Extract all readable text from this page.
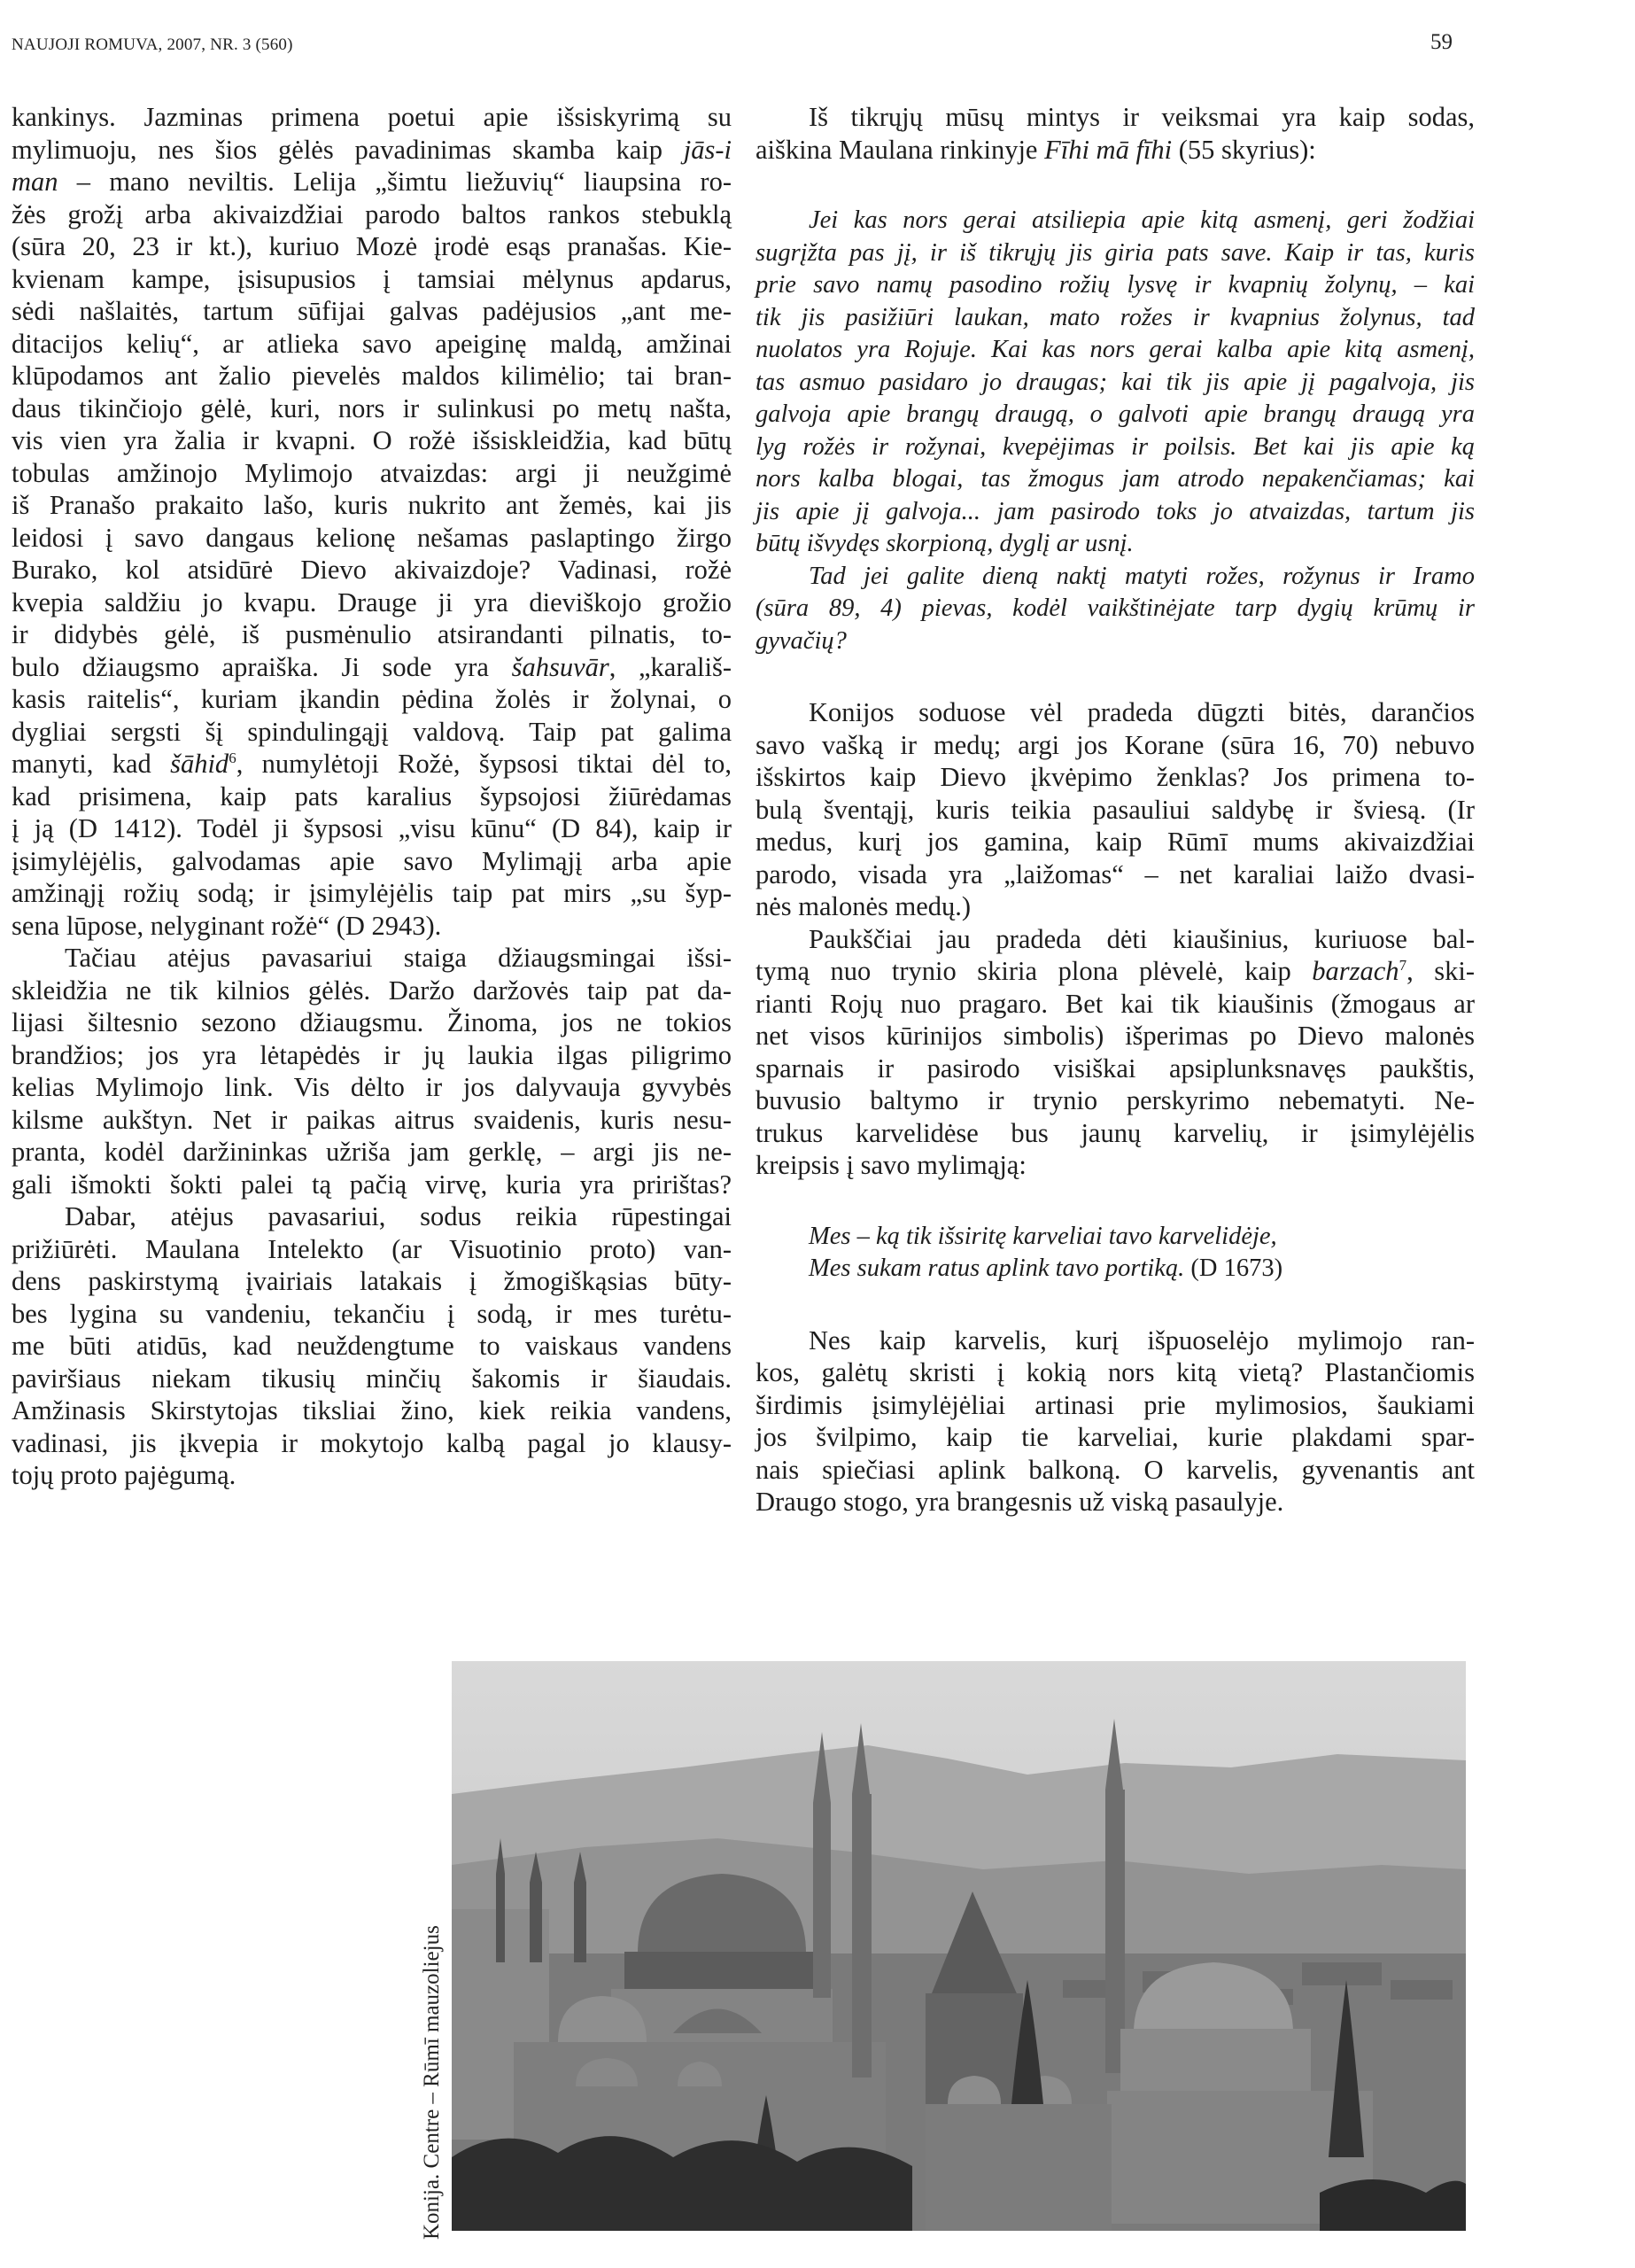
NAUJOJI ROMUVA, 2007, NR. 3 (560)	59
kankinys. Jazminas primena poetui apie išsiskyrimą su
mylimuoju, nes šios gėlės pavadinimas skamba kaip jās-i
man – mano neviltis. Lelija „šimtu liežuvių“ liaupsina ro-
žės grožį arba akivaizdžiai parodo baltos rankos stebuklą
(sūra 20, 23 ir kt.), kuriuo Mozė įrodė esąs pranašas. Kie-
kvienam kampe, įsisupusios į tamsiai mėlynus apdarus,
sėdi našlaitės, tartum sūfijai galvas padėjusios „ant me-
ditacijos kelių“, ar atlieka savo apeiginę maldą, amžinai
klūpodamos ant žalio pievelės maldos kilimėlio; tai bran-
daus tikinčiojo gėlė, kuri, nors ir sulinkusi po metų našta,
vis vien yra žalia ir kvapni. O rožė išsiskleidžia, kad būtų
tobulas amžinojo Mylimojo atvaizdas: argi ji neužgimė
iš Pranašo prakaito lašo, kuris nukrito ant žemės, kai jis
leidosi į savo dangaus kelionę nešamas paslaptingo žirgo
Burako, kol atsidūrė Dievo akivaizdoje? Vadinasi, rožė
kvepia saldžiu jo kvapu. Drauge ji yra dieviškojo grožio
ir didybės gėlė, iš pusmėnulio atsirandanti pilnatis, to-
bulo džiaugsmo apraiška. Ji sode yra šahsuvār, „karališ-
kasis raitelis“, kuriam įkandin pėdina žolės ir žolynai, o
dygliai sergsti šį spindulingąjį valdovą. Taip pat galima
manyti, kad šāhid$^6$, numylėtoji Rožė, šypsosi tiktai dėl to,
kad prisimena, kaip pats karalius šypsojosi žiūrėdamas
į ją (D 1412). Todėl ji šypsosi „visu kūnu“ (D 84), kaip ir
įsimylėjėlis, galvodamas apie savo Mylimąjį arba apie
amžinąjį rožių sodą; ir įsimylėjėlis taip pat mirs „su šyp-
sena lūpose, nelyginant rožė“ (D 2943).
Tačiau atėjus pavasariui staiga džiaugsmingai išsi-
skleidžia ne tik kilnios gėlės. Daržo daržovės taip pat da-
lijasi šiltesnio sezono džiaugsmu. Žinoma, jos ne tokios
brandžios; jos yra lėtapėdės ir jų laukia ilgas piligrimo
kelias Mylimojo link. Vis dėlto ir jos dalyvauja gyvybės
kilsme aukštyn. Net ir paikas aitrus svaidenis, kuris nesu-
pranta, kodėl daržininkas užriša jam gerklę, – argi jis ne-
gali išmokti šokti palei tą pačią virvę, kuria yra pririštas?
Dabar, atėjus pavasariui, sodus reikia rūpestingai
prižiūrėti. Maulana Intelekto (ar Visuotinio proto) van-
dens paskirstymą įvairiais latakais į žmogiškąsias būty-
bes lygina su vandeniu, tekančiu į sodą, ir mes turėtu-
me būti atidūs, kad neuždengtume to vaiskaus vandens
paviršiaus niekam tikusių minčių šakomis ir šiaudais.
Amžinasis Skirstytojas tiksliai žino, kiek reikia vandens,
vadinasi, jis įkvepia ir mokytojo kalbą pagal jo klausy-
tojų proto pajėgumą.
Iš tikrųjų mūsų mintys ir veiksmai yra kaip sodas,
aiškina Maulana rinkinyje Fīhi mā fīhi (55 skyrius):
Jei kas nors gerai atsiliepia apie kitą asmenį, geri žodžiai
sugrįžta pas jį, ir iš tikrųjų jis giria pats save. Kaip ir tas, kuris
prie savo namų pasodino rožių lysvę ir kvapnių žolynų, – kai
tik jis pasižiūri laukan, mato rožes ir kvapnius žolynus, tad
nuolatos yra Rojuje. Kai kas nors gerai kalba apie kitą asmenį,
tas asmuo pasidaro jo draugas; kai tik jis apie jį pagalvoja, jis
galvoja apie brangų draugą, o galvoti apie brangų draugą yra
lyg rožės ir rožynai, kvepėjimas ir poilsis. Bet kai jis apie ką
nors kalba blogai, tas žmogus jam atrodo nepakenčiamas; kai
jis apie jį galvoja... jam pasirodo toks jo atvaizdas, tartum jis
būtų išvydęs skorpioną, dyglį ar usnį.
Tad jei galite dieną naktį matyti rožes, rožynus ir Iramo
(sūra 89, 4) pievas, kodėl vaikštinėjate tarp dygių krūmų ir
gyvačių?
Konijos soduose vėl pradeda dūgzti bitės, darančios
savo vašką ir medų; argi jos Korane (sūra 16, 70) nebuvo
išskirtos kaip Dievo įkvėpimo ženklas? Jos primena to-
bulą šventąjį, kuris teikia pasauliui saldybę ir šviesą. (Ir
medus, kurį jos gamina, kaip Rūmī mums akivaizdžiai
parodo, visada yra „laižomas“ – net karaliai laižo dvasi-
nės malonės medų.)
Paukščiai jau pradeda dėti kiaušinius, kuriuose bal-
tymą nuo trynio skiria plona plėvelė, kaip barzach$^7$, ski-
rianti Rojų nuo pragaro. Bet kai tik kiaušinis (žmogaus ar
net visos kūrinijos simbolis) išperimas po Dievo malonės
sparnais ir pasirodo visiškai apsiplunksnavęs paukštis,
buvusio baltymo ir trynio perskyrimo nebematyti. Ne-
trukus karvelidėse bus jaunų karvelių, ir įsimylėjėlis
kreipsis į savo mylimąją:
Mes – ką tik išsiritę karveliai tavo karvelidėje,
Mes sukam ratus aplink tavo portiką. (D 1673)
Nes kaip karvelis, kurį išpuoselėjo mylimojo ran-
kos, galėtų skristi į kokią nors kitą vietą? Plastančiomis
širdimis įsimylėjėliai artinasi prie mylimosios, šaukiami
jos švilpimo, kaip tie karveliai, kurie plakdami spar-
nais spiečiasi aplink balkoną. O karvelis, gyvenantis ant
Draugo stogo, yra brangesnis už viską pasaulyje.
Konija. Centre – Rūmī mauzoliejus
